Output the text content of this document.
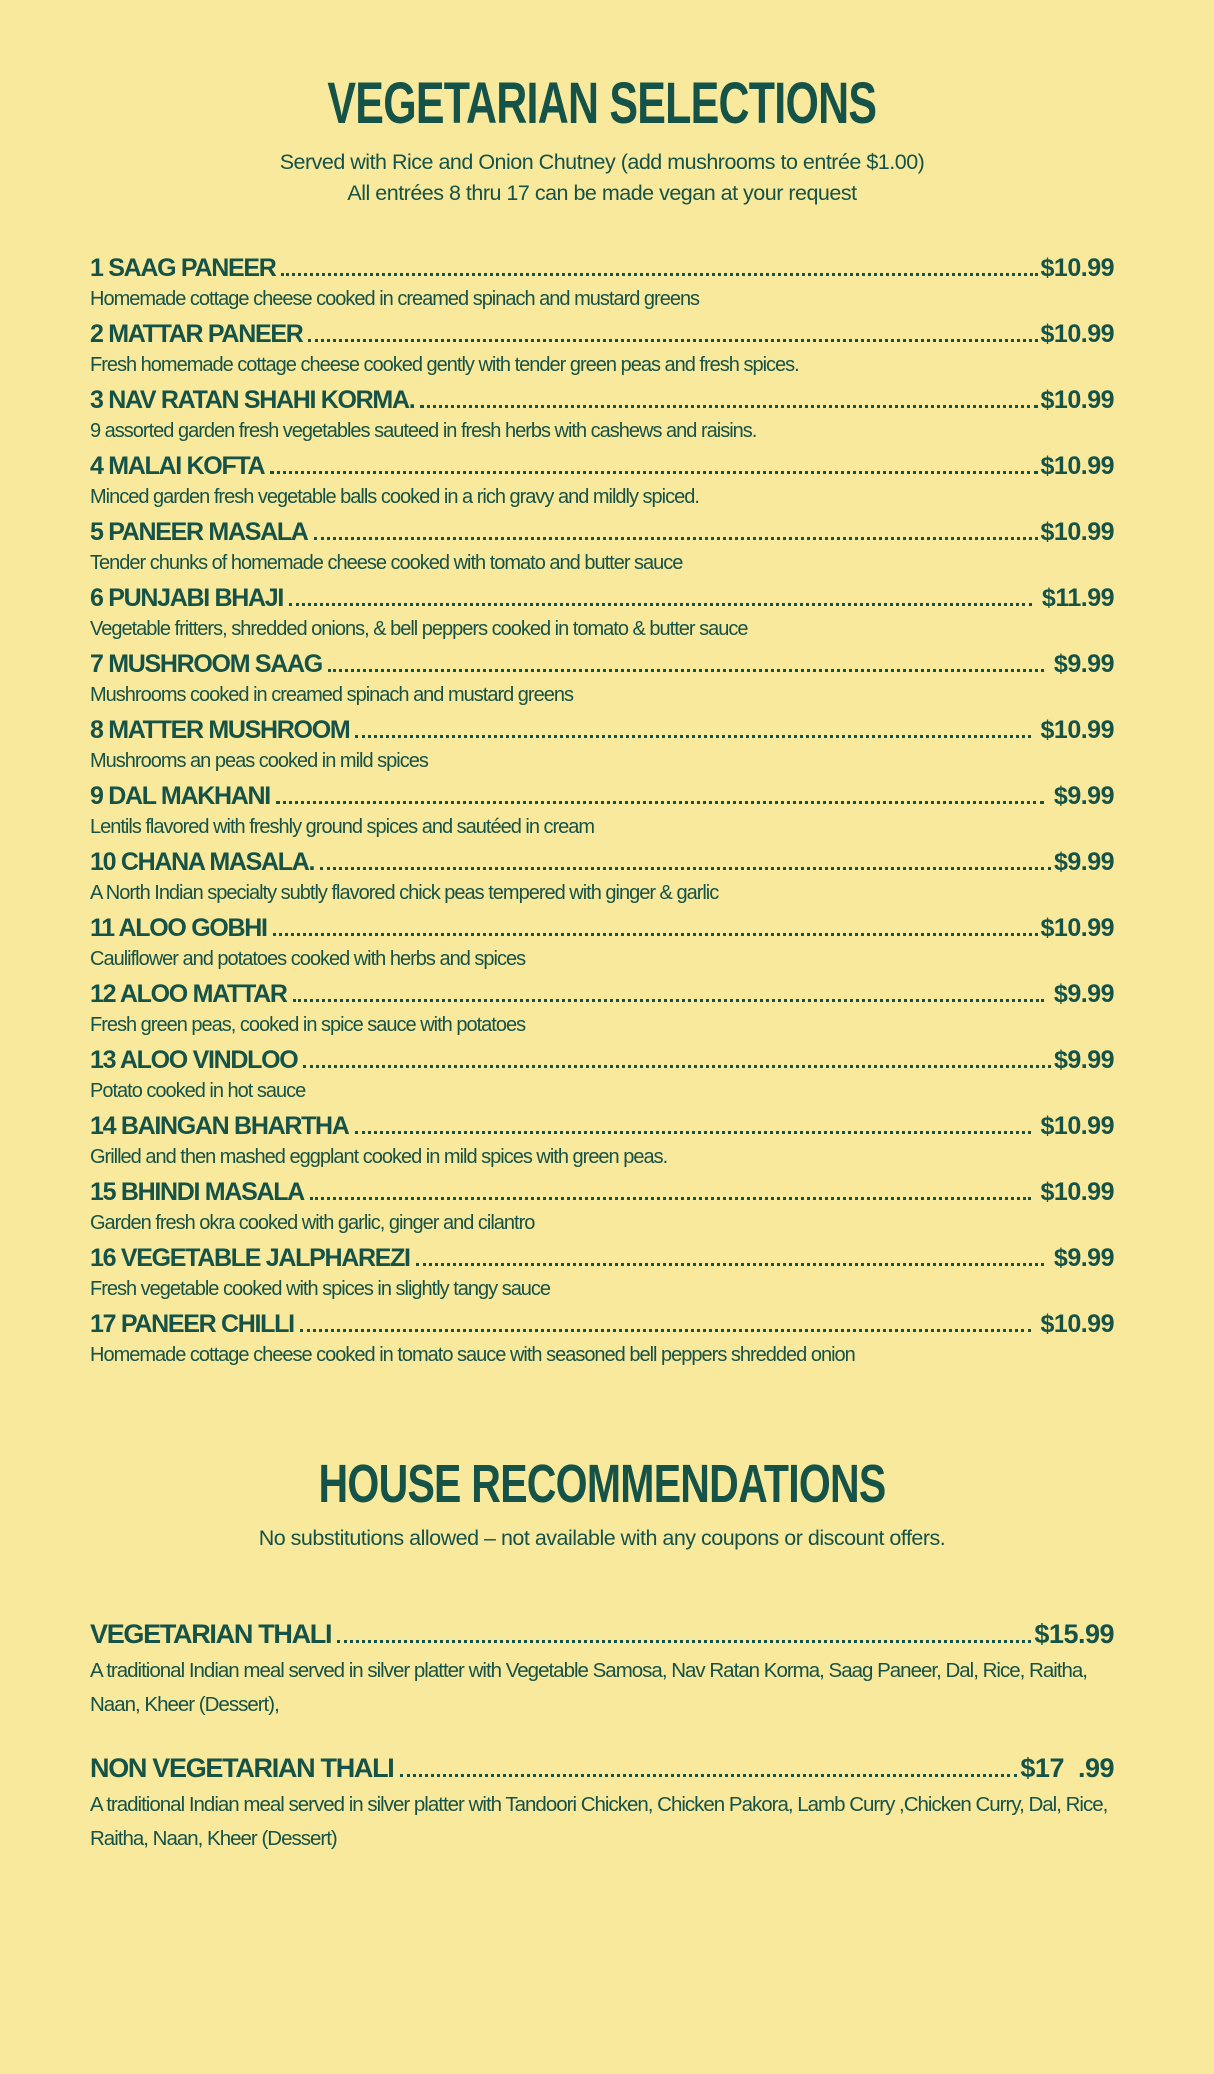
VEGETARIAN SELECTIONS
Served with Rice and Onion Chutney (add mushrooms to entrée $1.00)
All entrées 8 thru 17 can be made vegan at your request
1 SAAG PANEER	$10.99
Homemade cottage cheese cooked in creamed spinach and mustard greens
2 MATTAR PANEER	$10.99
Fresh homemade cottage cheese cooked gently with tender green peas and fresh spices.
3 NAV RATAN SHAHI KORMA.	$10.99
9 assorted garden fresh vegetables sauteed in fresh herbs with cashews and raisins.
4 MALAI KOFTA	$10.99
Minced garden fresh vegetable balls cooked in a rich gravy and mildly spiced.
5 PANEER MASALA	$10.99
Tender chunks of homemade cheese cooked with tomato and butter sauce
6 PUNJABI BHAJI	$11.99
Vegetable fritters, shredded onions, & bell peppers cooked in tomato & butter sauce
7 MUSHROOM SAAG	$9.99
Mushrooms cooked in creamed spinach and mustard greens
8 MATTER MUSHROOM	$10.99
Mushrooms an peas cooked in mild spices
9 DAL MAKHANI	$9.99
Lentils flavored with freshly ground spices and sautéed in cream
10 CHANA MASALA.	$9.99
A North Indian specialty subtly flavored chick peas tempered with ginger & garlic
11 ALOO GOBHI	$10.99
Cauliflower and potatoes cooked with herbs and spices
12 ALOO MATTAR	$9.99
Fresh green peas, cooked in spice sauce with potatoes
13 ALOO VINDLOO	$9.99
Potato cooked in hot sauce
14 BAINGAN BHARTHA	$10.99
Grilled and then mashed eggplant cooked in mild spices with green peas.
15 BHINDI MASALA	$10.99
Garden fresh okra cooked with garlic, ginger and cilantro
16 VEGETABLE JALPHAREZI	$9.99
Fresh vegetable cooked with spices in slightly tangy sauce
17 PANEER CHILLI	$10.99
Homemade cottage cheese cooked in tomato sauce with seasoned bell peppers shredded onion
HOUSE RECOMMENDATIONS
No substitutions allowed – not available with any coupons or discount offers.
VEGETARIAN THALI	$15.99
A traditional Indian meal served in silver platter with Vegetable Samosa, Nav Ratan Korma, Saag Paneer, Dal, Rice, Raitha, Naan, Kheer (Dessert),
NON VEGETARIAN THALI	$17  .99
A traditional Indian meal served in silver platter with Tandoori Chicken, Chicken Pakora, Lamb Curry ,Chicken Curry, Dal, Rice, Raitha, Naan, Kheer (Dessert)
